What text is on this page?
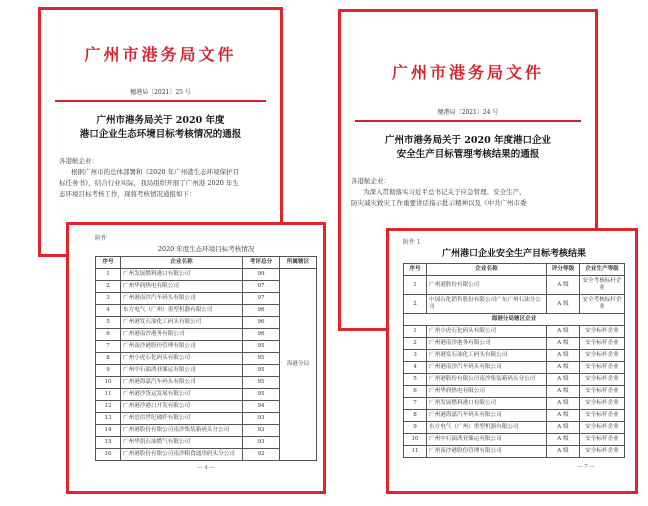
广州市港务局文件
穗港局〔2021〕25 号
广州市港务局关于 2020 年度
港口企业生态环境目标考核情况的通报

各港航企业：

根据广州市的总体部署和《2020 年广州港生态环境保护目

标任务书》，结合行业实际，我局组织开展了广州港 2020 年生

态环境目标考核工作，现将考核情况通报如下：

广州市港务局文件
穗港局〔2021〕24 号
广州市港务局关于 2020 年度港口企业
安全生产目标管理考核结果的通报

各港航企业：

为深入贯彻落实习近平总书记关于应急管理、安全生产、

防灾减灾救灾工作重要讲话指示批示精神以及《中共广州市委

附件
2020 年度生态环境目标考核情况
序号	企业名称	考评总分	所属辖区
1	广州发展燃料港口有限公司	99	海港分局
2	广州华润热电有限公司	97	
3	广州港南沙汽车码头有限公司	97	
4	东方电气（广州）重型机器有限公司	96	
5	广州港发石油化工码头有限公司	96	
6	广州港南沙港务有限公司	96	
7	广州南沙港股份管理有限公司	95	
8	广州小虎石化码头有限公司	95	
9	广州中石油鸿业储运有限公司	95	
10	广州港海嘉汽车码头有限公司	95	
11	广州港沙货运发展有限公司	95	
12	广州港沙港口开发有限公司	94	
13	广州忠信世纪玻纤有限公司	93	
14	广州港股份有限公司南沙集装箱码头分公司	93	
15	广州华凯石油燃气有限公司	93	
16	广州港股份有限公司南沙粮食通用码头分公司	92	
— 4 —
附件 1
广州港口企业安全生产目标考核结果
序号	企业名称	评分等级	企业生产等级
1	广州港股份有限公司	A 级	安全考核标杆企业
2	中国石化销售股份有限公司广东广州石油分公司	A 级	安全考核标杆企业
海港分局辖区企业			
1	广州小虎石化码头有限公司	A 级	安全标杆企业
2	广州港南沙港务有限公司	A 级	安全标杆企业
3	广州港发石油化工码头有限公司	A 级	安全标杆企业
4	广州港南沙汽车码头有限公司	A 级	安全标杆企业
5	广州港股份有限公司南沙集装箱码头分公司	A 级	安全标杆企业
6	广州华润热电有限公司	A 级	安全标杆企业
7	广州发展燃料港口有限公司	A 级	安全标杆企业
8	广州港海嘉汽车码头有限公司	A 级	安全标杆企业
9	东方电气（广州）重型机器有限公司	A 级	安全标杆企业
10	广州中石油鸿业储运有限公司	A 级	安全标杆企业
11	广州南沙港股份管理有限公司	A 级	安全标杆企业
— 7 —
